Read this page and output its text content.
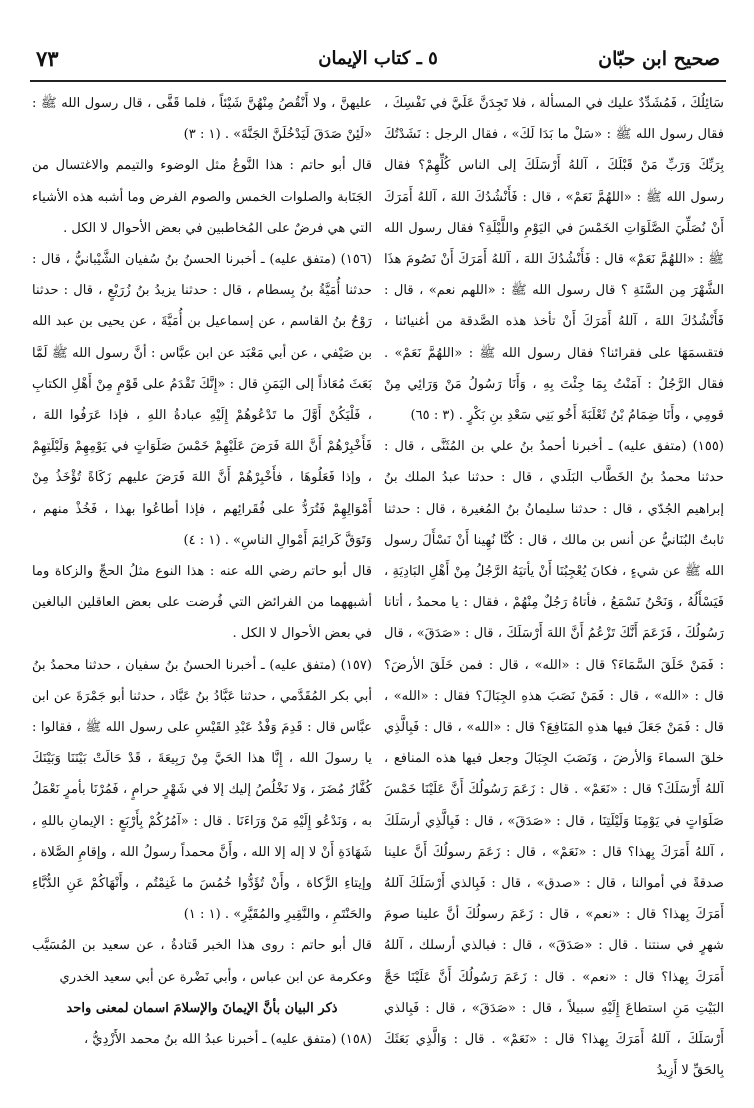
صحيح ابن حبّان
٥ ـ كتاب الإيمان
٧٣

سَائِلُكَ ، فَمُشَدِّدٌ عليك في المسألة ، فلا تَجِدَنَّ عَلَيَّ في نَفْسِكَ ، فقال رسول الله ﷺ : «سَلْ ما بَدَا لَكَ» ، فقال الرجل : نَشَدْتُكَ بِرَبِّكَ وَرَبِّ مَنْ قَبْلَكَ ، آللهُ أَرْسَلَكَ إلى الناس كُلِّهِمْ؟ فقال رسول الله ﷺ : «اللهُمَّ نَعَمْ» ، قال : فَأَنْشُدُكَ اللهَ ، آللهُ أَمَرَكَ أَنْ نُصَلِّيَ الصَّلَوَاتِ الخَمْسَ في اليَوْمِ واللَّيْلَةِ؟ فقال رسول الله ﷺ : «اللهُمَّ نَعَمْ» قال : فَأَنْشُدُكَ اللهَ ، آللهُ أَمَرَكَ أَنْ نَصُومَ هذَا الشَّهْرَ مِن السَّنَةِ ؟ قال رسول الله ﷺ : «اللهم نعم» ، قال : فَأَنْشُدُكَ اللهَ ، آللهُ أَمَرَكَ أَنْ تأخذ هذه الصَّدقة من أغنيائنا ، فتقسمَهَا على فقرائنا؟ فقال رسول الله ﷺ : «اللهُمَّ نَعَمْ» . فقال الرَّجُلُ : آمَنْتُ بِمَا جِئْتَ بِهِ ، وَأَنَا رَسُولُ مَنْ وَرَائِي مِنْ قومِي ، وأَنَا ضِمَامُ بْنُ ثَعْلَبَةَ أَخُو بَنِي سَعْدِ بنِ بَكْرٍ . (٣ : ٦٥)

(١٥٥) (متفق عليه) ـ أخبرنا أحمدُ بنُ علي بن المُثَنَّى ، قال : حدثنا محمدُ بنُ الخَطَّاب البَلَدي ، قال : حدثنا عبدُ الملك بنُ إبراهيم الجُدّي ، قال : حدثنا سليمانُ بنُ المُغيرة ، قال : حدثنا ثابتٌ البُنَانيُّ عن أنس بن مالك ، قال : كُنَّا نُهِينا أَنْ نَسْأَلَ رسول الله ﷺ عن شيءٍ ، فكانَ يُعْجِبُنَا أَنْ يأتيَهُ الرَّجُلُ مِنْ أَهْلِ البَادِيَةِ ، فَيَسْأَلُهُ ، وَنَحْنُ نَسْمَعُ ، فأتاهُ رَجُلٌ مِنْهُمْ ، فقال : يا محمدُ ، أتانا رَسُولُكَ ، فَزَعَمَ أَنَّكَ تَزْعُمُ أَنَّ اللهَ أَرْسَلَكَ ، قال : «صَدَقَ» ، قال : فَمَنْ خَلَقَ السَّمَاءَ؟ قال : «الله» ، قال : فمن خَلَقَ الأرضَ؟ قال : «الله» ، قال : فَمَنْ نَصَبَ هذهِ الجِبَالَ؟ فقال : «الله» ، قال : فَمَنْ جَعَلَ فيها هذهِ المَنَافِعَ؟ قال : «الله» ، قال : فَبِالَّذِي خلقَ السماءَ وَالأرضَ ، وَنَصَبَ الجِبَالَ وجعل فيها هذه المنافع ، آللهُ أَرْسَلَكَ؟ قال : «نَعَمْ» . قال : زَعَمَ رَسُولُكَ أَنَّ عَلَيْنَا خَمْسَ صَلَوَاتٍ في يَوْمِنَا وَلَيْلَتِنَا ، قال : «صَدَقَ» ، قال : فَبِالَّذِي أرسَلَكَ ، آللهُ أَمَرَكَ بِهذا؟ قال : «نَعَمْ» ، قال : زَعَمَ رسولُكَ أَنَّ علينا صدقةً في أموالنا ، قال : «صدق» ، قال : فَبِالذي أَرْسَلَكَ آللهُ أَمَرَكَ بِهذا؟ قال : «نعم» ، قال : زَعَمَ رسولُكَ أنَّ علينا صومَ شهرٍ في سنتنا . قال : «صَدَقَ» ، قال : فبالذي أرسلك ، آللهُ أَمَرَكَ بِهذا؟ قال : «نعم» . قال : زَعَمَ رَسُولُكَ أَنَّ عَلَيْنَا حَجَّ البَيْتِ مَنِ استطاعَ إِلَيْهِ سبيلاً ، قال : «صَدَقَ» ، قال : فَبِالذي أَرْسَلَكَ ، آللهُ أَمَرَكَ بِهذا؟ قال : «نَعَمْ» . قال : وَالَّذِي بَعَثَكَ بِالحَقِّ لا أَزِيدُ

عليهنَّ ، ولا أَنْقُصُ مِنْهُنَّ شَيْئاً ، فلما قَفَّى ، قال رسول الله ﷺ : «لَئِنْ صَدَقَ لَيَدْخُلَنَّ الجَنَّةَ» . (١ : ٣)

قال أبو حاتم : هذا النَّوعُ مثل الوضوء والتيمم والاغتسال من الجَنَابة والصلوات الخمس والصوم الفرض وما أشبه هذه الأشياء التي هي فرضٌ على المُخاطبين في بعض الأحوال لا الكل .

(١٥٦) (متفق عليه) ـ أخبرنا الحسنُ بنُ سُفيان الشَّيْبانيُّ ، قال : حدثنا أُمَيَّةُ بنُ بِسطام ، قال : حدثنا يزيدُ بنُ زُرَيْعٍ ، قال : حدثنا رَوْحُ بنُ القاسم ، عن إسماعيل بن أُمَيَّةَ ، عن يحيى بن عبد الله بن صَيْفي ، عن أبي مَعْبَد عن ابن عبَّاس : أنَّ رسول الله ﷺ لَمَّا بَعَثَ مُعَاذاً إلى اليَمَنِ قال : «إِنَّكَ تَقْدَمُ على قَوْمٍ مِنْ أَهْلِ الكتابِ ، فَلْيَكُنْ أَوَّلَ ما تَدْعُوهُمْ إِلَيْهِ عبادةُ اللهِ ، فإذا عَرَفُوا اللهَ ، فَأَخْبِرْهُمْ أَنَّ اللهَ فَرَضَ عَلَيْهِمْ خَمْسَ صَلَوَاتٍ في يَوْمِهِمْ وَلَيْلَتِهِمْ ، وإذا فَعَلُوهَا ، فأَخْبِرْهُمْ أَنَّ اللهَ فَرَضَ عليهم زَكَاةً تُؤْخَذُ مِنْ أَمْوَالِهِمْ فَتُرَدُّ على فُقَرائِهم ، فإذا أطاعُوا بهذا ، فَخُذْ منهم ، وَتَوَقَّ كَرائِمَ أَمْوالِ الناسِ» . (١ : ٤)

قال أبو حاتم رضي الله عنه : هذا النوع مثلُ الحجِّ والزكاة وما أشبههما من الفرائض التي فُرضت على بعض العاقلين البالغين في بعض الأحوال لا الكل .

(١٥٧) (متفق عليه) ـ أخبرنا الحسنُ بنُ سفيان ، حدثنا محمدُ بنُ أبي بكر المُقَدَّمي ، حدثنا عَبَّادُ بنُ عَبَّاد ، حدثنا أبو جَمْرَةَ عن ابن عبَّاس قال : قَدِمَ وَفْدُ عَبْدِ القَيْسِ على رسول الله ﷺ ، فقالوا : يا رسولَ الله ، إِنَّا هذا الحَيَّ مِنْ رَبِيعَةَ ، قَدْ حَالَتْ بَيْنَنَا وَبَيْنَكَ كُفَّارُ مُضَرَ ، وَلا نَخْلُصُ إليك إلا في شَهْرٍ حرامٍ ، فَمُرْنَا بأمرٍ نَعْمَلُ به ، وَنَدْعُو إِلَيْهِ مَنْ وَرَاءَنَا . قال : «آمُرُكُمْ بِأَرْبَعٍ : الإيمانِ باللهِ ، شَهَادَةِ أَنْ لا إله إلا الله ، وأَنَّ محمداً رسولُ الله ، وإقامِ الصَّلاة ، وإيتاءِ الزَّكاة ، وأَنْ تُؤَدُّوا خُمُسَ ما غَنِمْتُم ، وأَنْهَاكُمْ عَنِ الدُّبَّاءِ والحَنْتَمِ ، والنَّقِيرِ والمُقَيَّرِ» . (١ : ١)

قال أبو حاتم : روى هذا الخبر قَتادةُ ، عن سعيد بن المُسَيَّب وعكرمة عن ابن عباس ، وأبي نَضْرة عن أبي سعيد الخدري

ذكر البيان بأنَّ الإيمانَ والإسلامَ اسمان لمعنى واحد

(١٥٨) (متفق عليه) ـ أخبرنا عبدُ الله بنُ محمد الأَزْدِيُّ ،
